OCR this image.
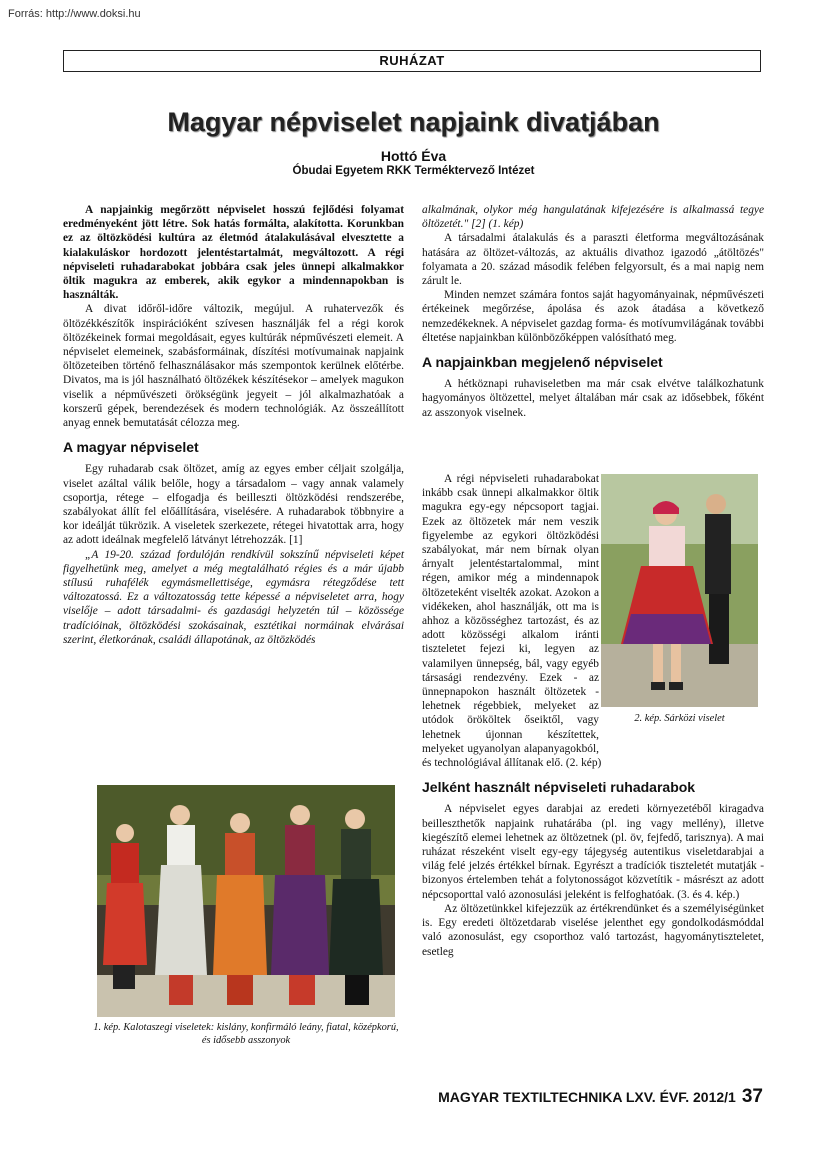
Forrás: http://www.doksi.hu
RUHÁZAT
Magyar népviselet napjaink divatjában
Hottó Éva
Óbudai Egyetem RKK Terméktervező Intézet

A napjainkig megőrzött népviselet hosszú fejlődési folyamat eredményeként jött létre. Sok hatás formálta, alakította. Korunkban ez az öltözködési kultúra az életmód átalakulásával elvesztette a kialakuláskor hordozott jelentéstartalmát, megváltozott. A régi népviseleti ruhadarabokat jobbára csak jeles ünnepi alkalmakkor öltik magukra az emberek, akik egykor a mindennapokban is használták.

A divat időről-időre változik, megújul. A ruhatervezők és öltözékkészítők inspirációként szívesen használják fel a régi korok öltözékeinek formai megoldásait, egyes kultúrák népművészeti elemeit. A népviselet elemeinek, szabásformáinak, díszítési motívumainak napjaink öltözeteiben történő felhasználásakor más szempontok kerülnek előtérbe. Divatos, ma is jól használható öltözékek készítésekor – amelyek magukon viselik a népművészeti örökségünk jegyeit – jól alkalmazhatóak a korszerű gépek, berendezések és modern technológiák. Az összeállított anyag ennek bemutatását célozza meg.

A magyar népviselet

Egy ruhadarab csak öltözet, amíg az egyes ember céljait szolgálja, viselet azáltal válik belőle, hogy a társadalom – vagy annak valamely csoportja, rétege – elfogadja és beilleszti öltözködési rendszerébe, szabályokat állít fel előállítására, viselésére. A ruhadarabok többnyire a kor ideálját tükrözik. A viseletek szerkezete, rétegei hivatottak arra, hogy az adott ideálnak megfelelő látványt létrehozzák. [1]

„A 19-20. század fordulóján rendkívül sokszínű népviseleti képet figyelhetünk meg, amelyet a még megtalálható régies és a már újabb stílusú ruhafélék egymásmellettisége, egymásra rétegződése tett változatossá. Ez a változatosság tette képessé a népviseletet arra, hogy viselője – adott társadalmi- és gazdasági helyzetén túl – közössége tradícióinak, öltözködési szokásainak, esztétikai normáinak elvárásai szerint, életkorának, családi állapotának, az öltözködés

1. kép. Kalotaszegi viseletek: kislány, konfirmáló leány, fiatal, középkorú, és idősebb asszonyok

alkalmának, olykor még hangulatának kifejezésére is alkalmassá tegye öltözetét." [2] (1. kép)

A társadalmi átalakulás és a paraszti életforma megváltozásának hatására az öltözet-változás, az aktuális divathoz igazodó „átöltözés" folyamata a 20. század második felében felgyorsult, és a mai napig nem zárult le.

Minden nemzet számára fontos saját hagyományainak, népművészeti értékeinek megőrzése, ápolása és azok átadása a következő nemzedékeknek. A népviselet gazdag forma- és motívumvilágának további éltetése napjainkban különbözőképpen valósítható meg.

A napjainkban megjelenő népviselet

A hétköznapi ruhaviseletben ma már csak elvétve találkozhatunk hagyományos öltözettel, melyet általában már csak az idősebbek, főként az asszonyok viselnek.

A régi népviseleti ruhadarabokat inkább csak ünnepi alkalmakkor öltik magukra egy-egy népcsoport tagjai. Ezek az öltözetek már nem veszik figyelembe az egykori öltözködési szabályokat, már nem bírnak olyan árnyalt jelentéstartalommal, mint régen, amikor még a mindennapok öltözeteként viselték azokat. Azokon a vidékeken, ahol használják, ott ma is ahhoz a közösséghez tartozást, és az adott közösségi alkalom iránti tiszteletet fejezi ki, legyen az valamilyen ünnepség, bál, vagy egyéb társasági rendezvény. Ezek - az ünnepnapokon használt öltözetek - lehetnek régebbiek, melyeket az utódok örököltek őseiktől, vagy lehetnek újonnan készítettek, melyeket ugyanolyan alapanyagokból, és technológiával állítanak elő. (2. kép)

Jelként használt népviseleti ruhadarabok

A népviselet egyes darabjai az eredeti környezetéből kiragadva beilleszthetők napjaink ruhatárába (pl. ing vagy mellény), illetve kiegészítő elemei lehetnek az öltözetnek (pl. öv, fejfedő, tarisznya). A mai ruházat részeként viselt egy-egy tájegység autentikus viseletdarabjai a világ felé jelzés értékkel bírnak. Egyrészt a tradíciók tiszteletét mutatják - bizonyos értelemben tehát a folytonosságot közvetítik - másrészt az adott népcsoporttal való azonosulási jeleként is felfoghatóak. (3. és 4. kép.)

Az öltözetünkkel kifejezzük az értékrendünket és a személyiségünket is. Egy eredeti öltözetdarab viselése jelenthet egy gondolkodásmóddal való azonosulást, egy csoporthoz való tartozást, hagyománytiszteletet, esetleg

2. kép. Sárközi viselet
MAGYAR TEXTILTECHNIKA LXV. ÉVF. 2012/1 37
